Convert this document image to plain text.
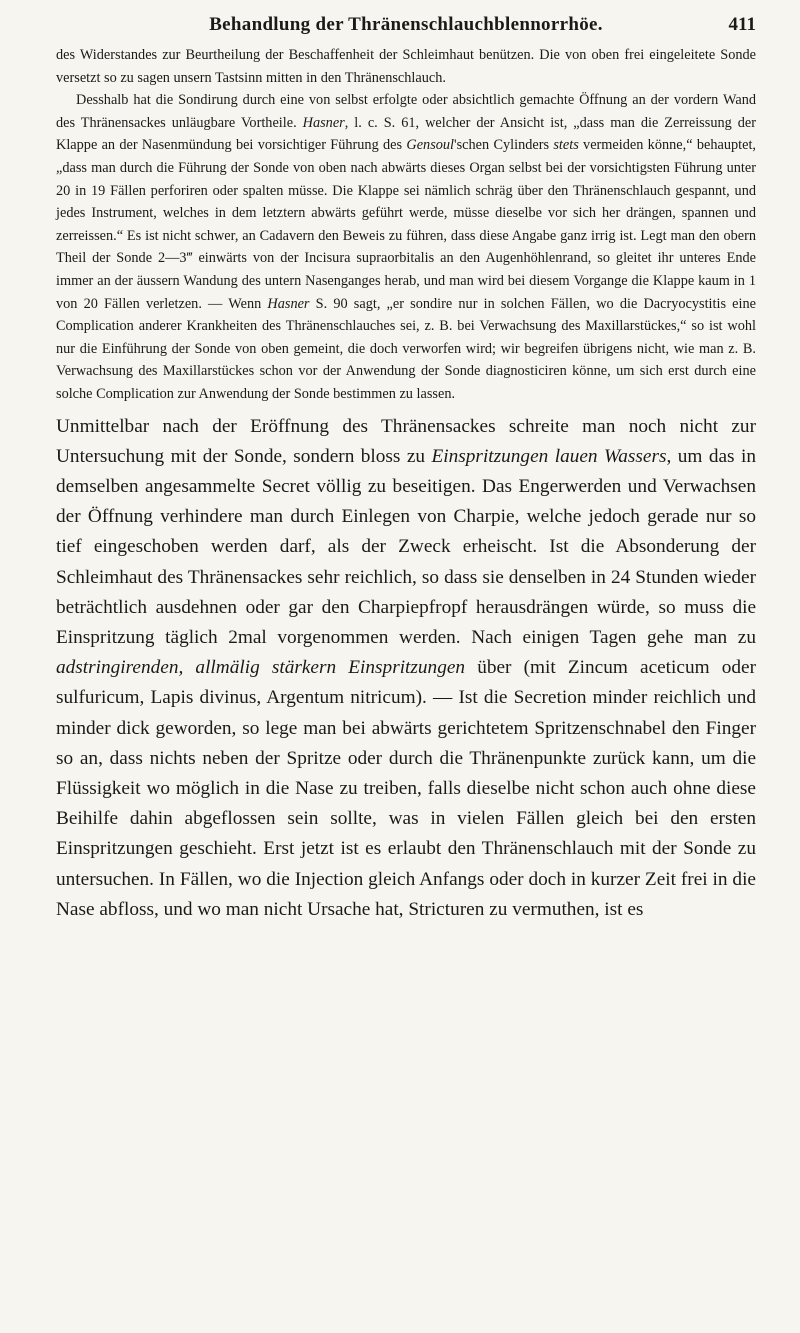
Behandlung der Thränenschlauchblennorrhöe.	411

des Widerstandes zur Beurtheilung der Beschaffenheit der Schleimhaut benützen. Die von oben frei eingeleitete Sonde versetzt so zu sagen unsern Tastsinn mitten in den Thränenschlauch.

Desshalb hat die Sondirung durch eine von selbst erfolgte oder absichtlich gemachte Öffnung an der vordern Wand des Thränensackes unläugbare Vortheile. Hasner, l. c. S. 61, welcher der Ansicht ist, „dass man die Zerreissung der Klappe an der Nasenmündung bei vorsichtiger Führung des Gensoul'schen Cylinders stets vermeiden könne,“ behauptet, „dass man durch die Führung der Sonde von oben nach abwärts dieses Organ selbst bei der vorsichtigsten Führung unter 20 in 19 Fällen perforiren oder spalten müsse. Die Klappe sei nämlich schräg über den Thränenschlauch gespannt, und jedes Instrument, welches in dem letztern abwärts geführt werde, müsse dieselbe vor sich her drängen, spannen und zerreissen.“ Es ist nicht schwer, an Cadavern den Beweis zu führen, dass diese Angabe ganz irrig ist. Legt man den obern Theil der Sonde 2—3‴ einwärts von der Incisura supraorbitalis an den Augenhöhlenrand, so gleitet ihr unteres Ende immer an der äussern Wandung des untern Nasenganges herab, und man wird bei diesem Vorgange die Klappe kaum in 1 von 20 Fällen verletzen. — Wenn Hasner S. 90 sagt, „er sondire nur in solchen Fällen, wo die Dacryocystitis eine Complication anderer Krankheiten des Thränenschlauches sei, z. B. bei Verwachsung des Maxillarstückes,“ so ist wohl nur die Einführung der Sonde von oben gemeint, die doch verworfen wird; wir begreifen übrigens nicht, wie man z. B. Verwachsung des Maxillarstückes schon vor der Anwendung der Sonde diagnosticiren könne, um sich erst durch eine solche Complication zur Anwendung der Sonde bestimmen zu lassen.

Unmittelbar nach der Eröffnung des Thränensackes schreite man noch nicht zur Untersuchung mit der Sonde, sondern bloss zu Einspritzungen lauen Wassers, um das in demselben angesammelte Secret völlig zu beseitigen. Das Engerwerden und Verwachsen der Öffnung verhindere man durch Einlegen von Charpie, welche jedoch gerade nur so tief eingeschoben werden darf, als der Zweck erheischt. Ist die Absonderung der Schleimhaut des Thränensackes sehr reichlich, so dass sie denselben in 24 Stunden wieder beträchtlich ausdehnen oder gar den Charpiepfropf herausdrängen würde, so muss die Einspritzung täglich 2mal vorgenommen werden. Nach einigen Tagen gehe man zu adstringirenden, allmälig stärkern Einspritzungen über (mit Zincum aceticum oder sulfuricum, Lapis divinus, Argentum nitricum). — Ist die Secretion minder reichlich und minder dick geworden, so lege man bei abwärts gerichtetem Spritzenschnabel den Finger so an, dass nichts neben der Spritze oder durch die Thränenpunkte zurück kann, um die Flüssigkeit wo möglich in die Nase zu treiben, falls dieselbe nicht schon auch ohne diese Beihilfe dahin abgeflossen sein sollte, was in vielen Fällen gleich bei den ersten Einspritzungen geschieht. Erst jetzt ist es erlaubt den Thränenschlauch mit der Sonde zu untersuchen. In Fällen, wo die Injection gleich Anfangs oder doch in kurzer Zeit frei in die Nase abfloss, und wo man nicht Ursache hat, Stricturen zu vermuthen, ist es
